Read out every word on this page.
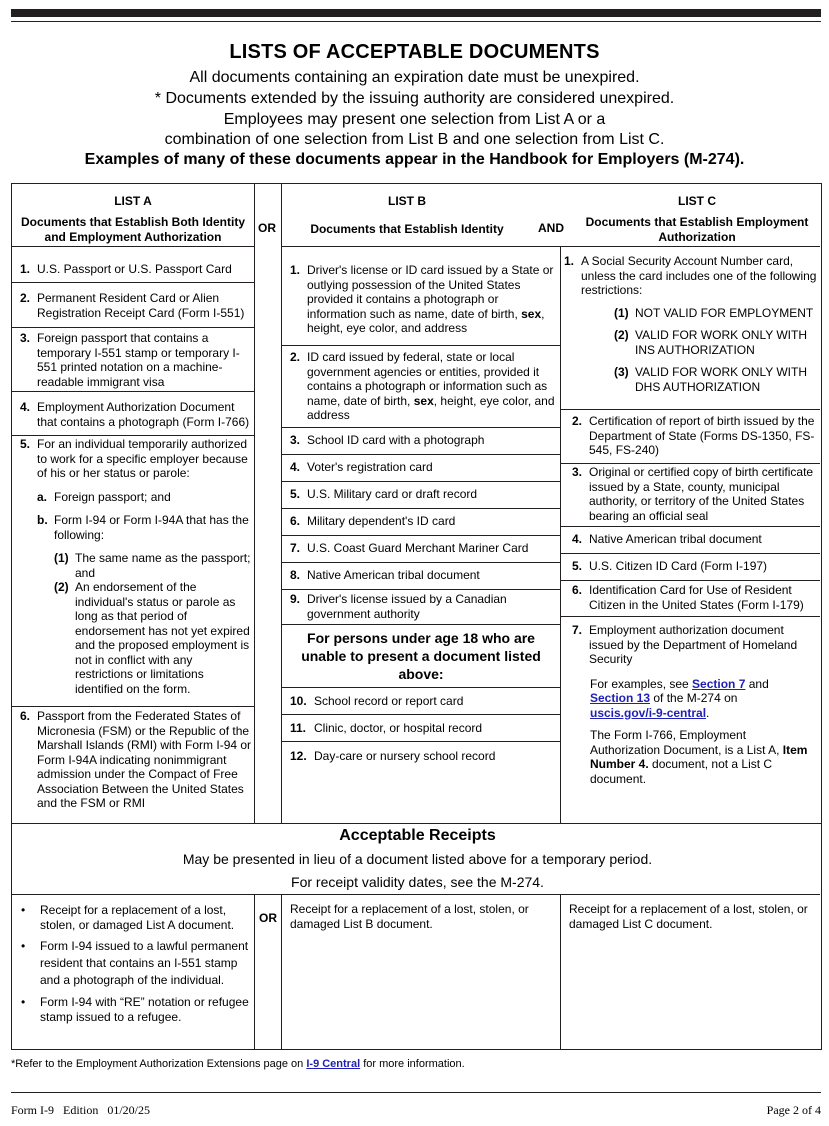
LISTS OF ACCEPTABLE DOCUMENTS
All documents containing an expiration date must be unexpired.
* Documents extended by the issuing authority are considered unexpired.
Employees may present one selection from List A or a
combination of one selection from List B and one selection from List C.
Examples of many of these documents appear in the Handbook for Employers (M-274).
LIST A
Documents that Establish Both Identity and Employment Authorization
OR
LIST B
Documents that Establish Identity	AND
LIST C
Documents that Establish Employment Authorization
1. U.S. Passport or U.S. Passport Card
2. Permanent Resident Card or Alien Registration Receipt Card (Form I-551)
3. Foreign passport that contains a temporary I-551 stamp or temporary I-551 printed notation on a machine-readable immigrant visa
4. Employment Authorization Document that contains a photograph (Form I-766)
5. For an individual temporarily authorized to work for a specific employer because of his or her status or parole:
a. Foreign passport; and
b. Form I-94 or Form I-94A that has the following:
(1) The same name as the passport; and
(2) An endorsement of the individual's status or parole as long as that period of endorsement has not yet expired and the proposed employment is not in conflict with any restrictions or limitations identified on the form.
6. Passport from the Federated States of Micronesia (FSM) or the Republic of the Marshall Islands (RMI) with Form I-94 or Form I-94A indicating nonimmigrant admission under the Compact of Free Association Between the United States and the FSM or RMI
1. Driver's license or ID card issued by a State or outlying possession of the United States provided it contains a photograph or information such as name, date of birth, sex, height, eye color, and address
2. ID card issued by federal, state or local government agencies or entities, provided it contains a photograph or information such as name, date of birth, sex, height, eye color, and address
3. School ID card with a photograph
4. Voter's registration card
5. U.S. Military card or draft record
6. Military dependent's ID card
7. U.S. Coast Guard Merchant Mariner Card
8. Native American tribal document
9. Driver's license issued by a Canadian government authority
For persons under age 18 who are unable to present a document listed above:
10. School record or report card
11. Clinic, doctor, or hospital record
12. Day-care or nursery school record
1. A Social Security Account Number card, unless the card includes one of the following restrictions:
(1) NOT VALID FOR EMPLOYMENT
(2) VALID FOR WORK ONLY WITH INS AUTHORIZATION
(3) VALID FOR WORK ONLY WITH DHS AUTHORIZATION
2. Certification of report of birth issued by the Department of State (Forms DS-1350, FS-545, FS-240)
3. Original or certified copy of birth certificate issued by a State, county, municipal authority, or territory of the United States bearing an official seal
4. Native American tribal document
5. U.S. Citizen ID Card (Form I-197)
6. Identification Card for Use of Resident Citizen in the United States (Form I-179)
7. Employment authorization document issued by the Department of Homeland Security
For examples, see Section 7 and Section 13 of the M-274 on uscis.gov/i-9-central.
The Form I-766, Employment Authorization Document, is a List A, Item Number 4. document, not a List C document.
Acceptable Receipts
May be presented in lieu of a document listed above for a temporary period.
For receipt validity dates, see the M-274.
OR
• Receipt for a replacement of a lost, stolen, or damaged List A document.
• Form I-94 issued to a lawful permanent resident that contains an I-551 stamp and a photograph of the individual.
• Form I-94 with “RE” notation or refugee stamp issued to a refugee.
Receipt for a replacement of a lost, stolen, or damaged List B document.
Receipt for a replacement of a lost, stolen, or damaged List C document.
*Refer to the Employment Authorization Extensions page on I-9 Central for more information.
Form I-9   Edition   01/20/25	Page 2 of 4
